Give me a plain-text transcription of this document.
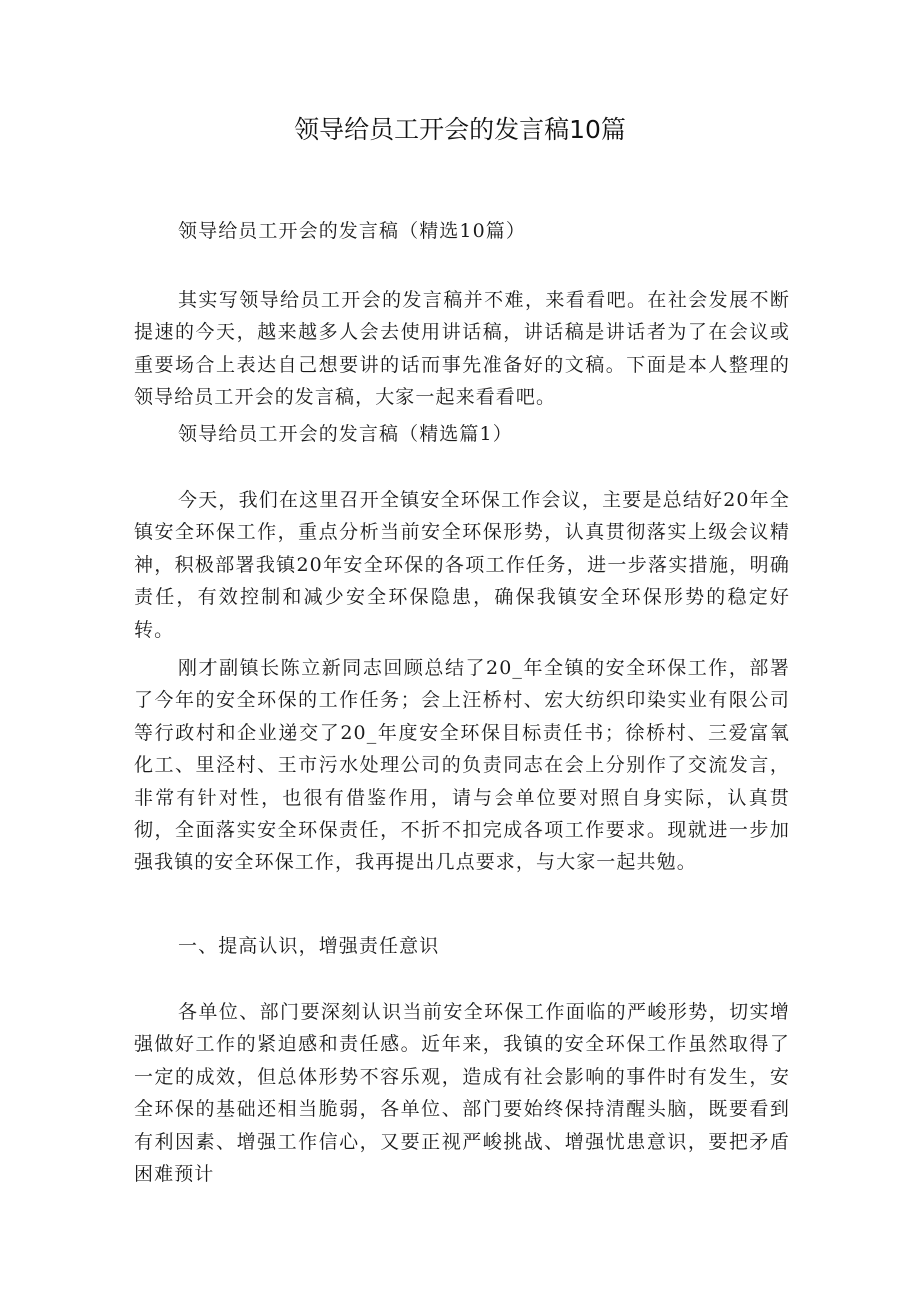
领导给员工开会的发言稿10篇

领导给员工开会的发言稿（精选10篇）

其实写领导给员工开会的发言稿并不难，来看看吧。在社会发展不断提速的今天，越来越多人会去使用讲话稿，讲话稿是讲话者为了在会议或重要场合上表达自己想要讲的话而事先准备好的文稿。下面是本人整理的领导给员工开会的发言稿，大家一起来看看吧。

领导给员工开会的发言稿（精选篇1）

今天，我们在这里召开全镇安全环保工作会议，主要是总结好20年全镇安全环保工作，重点分析当前安全环保形势，认真贯彻落实上级会议精神，积极部署我镇20年安全环保的各项工作任务，进一步落实措施，明确责任，有效控制和减少安全环保隐患，确保我镇安全环保形势的稳定好转。

刚才副镇长陈立新同志回顾总结了20_年全镇的安全环保工作，部署了今年的安全环保的工作任务；会上汪桥村、宏大纺织印染实业有限公司等行政村和企业递交了20_年度安全环保目标责任书；徐桥村、三爱富氧化工、里泾村、王市污水处理公司的负责同志在会上分别作了交流发言，非常有针对性，也很有借鉴作用，请与会单位要对照自身实际，认真贯彻，全面落实安全环保责任，不折不扣完成各项工作要求。现就进一步加强我镇的安全环保工作，我再提出几点要求，与大家一起共勉。

一、提高认识，增强责任意识

各单位、部门要深刻认识当前安全环保工作面临的严峻形势，切实增强做好工作的紧迫感和责任感。近年来，我镇的安全环保工作虽然取得了一定的成效，但总体形势不容乐观，造成有社会影响的事件时有发生，安全环保的基础还相当脆弱，各单位、部门要始终保持清醒头脑，既要看到有利因素、增强工作信心，又要正视严峻挑战、增强忧患意识，要把矛盾困难预计
